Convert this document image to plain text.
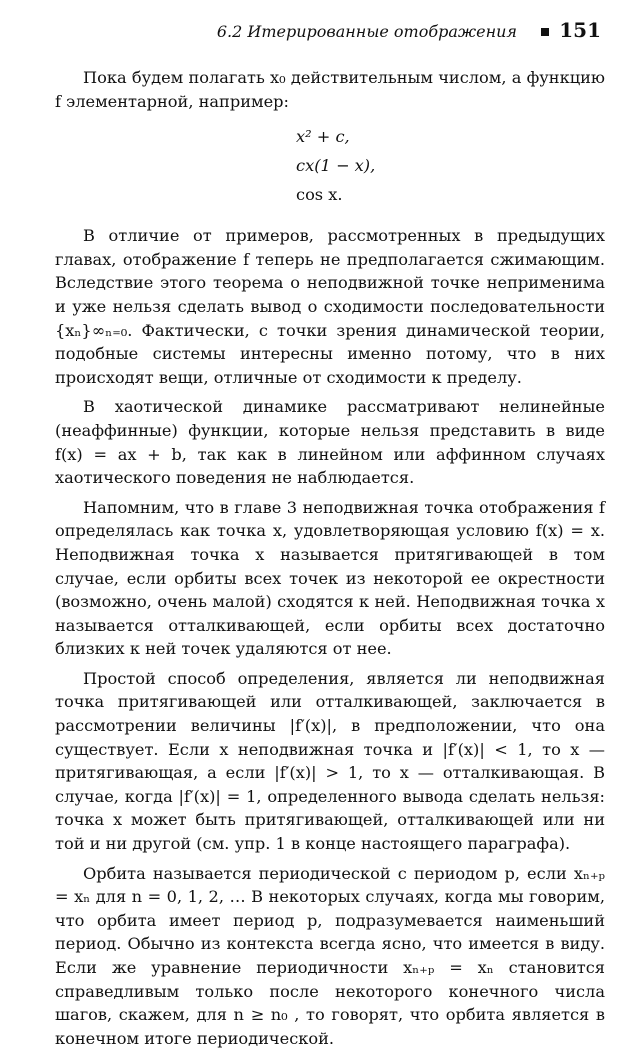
6.2 Итерированные отображения 151

Пока будем полагать x₀ действительным числом, а функцию f элементарной, например:

x² + c,
cx(1 − x),
cos x.

В отличие от примеров, рассмотренных в предыдущих главах, отображение f теперь не предполагается сжимающим. Вследствие этого теорема о неподвижной точке неприменима и уже нельзя сделать вывод о сходимости последовательности {xₙ}∞ₙ₌₀. Фактически, с точки зрения динамической теории, подобные системы интересны именно потому, что в них происходят вещи, отличные от сходимости к пределу.

В хаотической динамике рассматривают нелинейные (неаффинные) функции, которые нельзя представить в виде f(x) = ax + b, так как в линейном или аффинном случаях хаотического поведения не наблюдается.

Напомним, что в главе 3 неподвижная точка отображения f определялась как точка x, удовлетворяющая условию f(x) = x. Неподвижная точка x называется притягивающей в том случае, если орбиты всех точек из некоторой ее окрестности (возможно, очень малой) сходятся к ней. Неподвижная точка x называется отталкивающей, если орбиты всех достаточно близких к ней точек удаляются от нее.

Простой способ определения, является ли неподвижная точка притягивающей или отталкивающей, заключается в рассмотрении величины |f′(x)|, в предположении, что она существует. Если x неподвижная точка и |f′(x)| < 1, то x — притягивающая, а если |f′(x)| > 1, то x — отталкивающая. В случае, когда |f′(x)| = 1, определенного вывода сделать нельзя: точка x может быть притягивающей, отталкивающей или ни той и ни другой (см. упр. 1 в конце настоящего параграфа).

Орбита называется периодической с периодом p, если xₙ₊ₚ = xₙ для n = 0, 1, 2, … В некоторых случаях, когда мы говорим, что орбита имеет период p, подразумевается наименьший период. Обычно из контекста всегда ясно, что имеется в виду. Если же уравнение периодичности xₙ₊ₚ = xₙ становится справедливым только после некоторого конечного числа шагов, скажем, для n ≥ n₀ , то говорят, что орбита является в конечном итоге периодической.
